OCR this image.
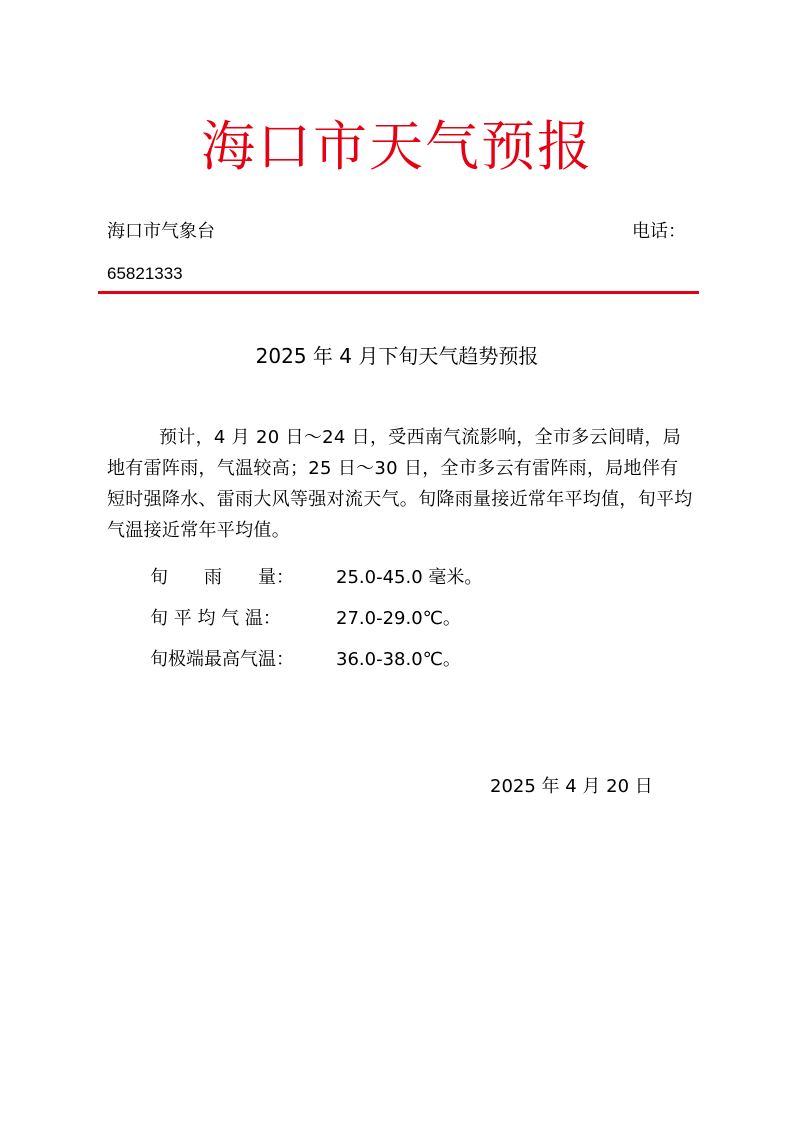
海口市天气预报
海口市气象台	电话：
65821333
2025 年 4 月下旬天气趋势预报

预计，4 月 20 日～24 日，受西南气流影响，全市多云间晴，局地有雷阵雨，气温较高；25 日～30 日，全市多云有雷阵雨，局地伴有短时强降水、雷雨大风等强对流天气。旬降雨量接近常年平均值，旬平均气温接近常年平均值。

旬　　雨　　量： 25.0-45.0 毫米。
旬 平 均 气 温：	27.0-29.0℃。
旬极端最高气温： 36.0-38.0℃。
2025 年 4 月 20 日
